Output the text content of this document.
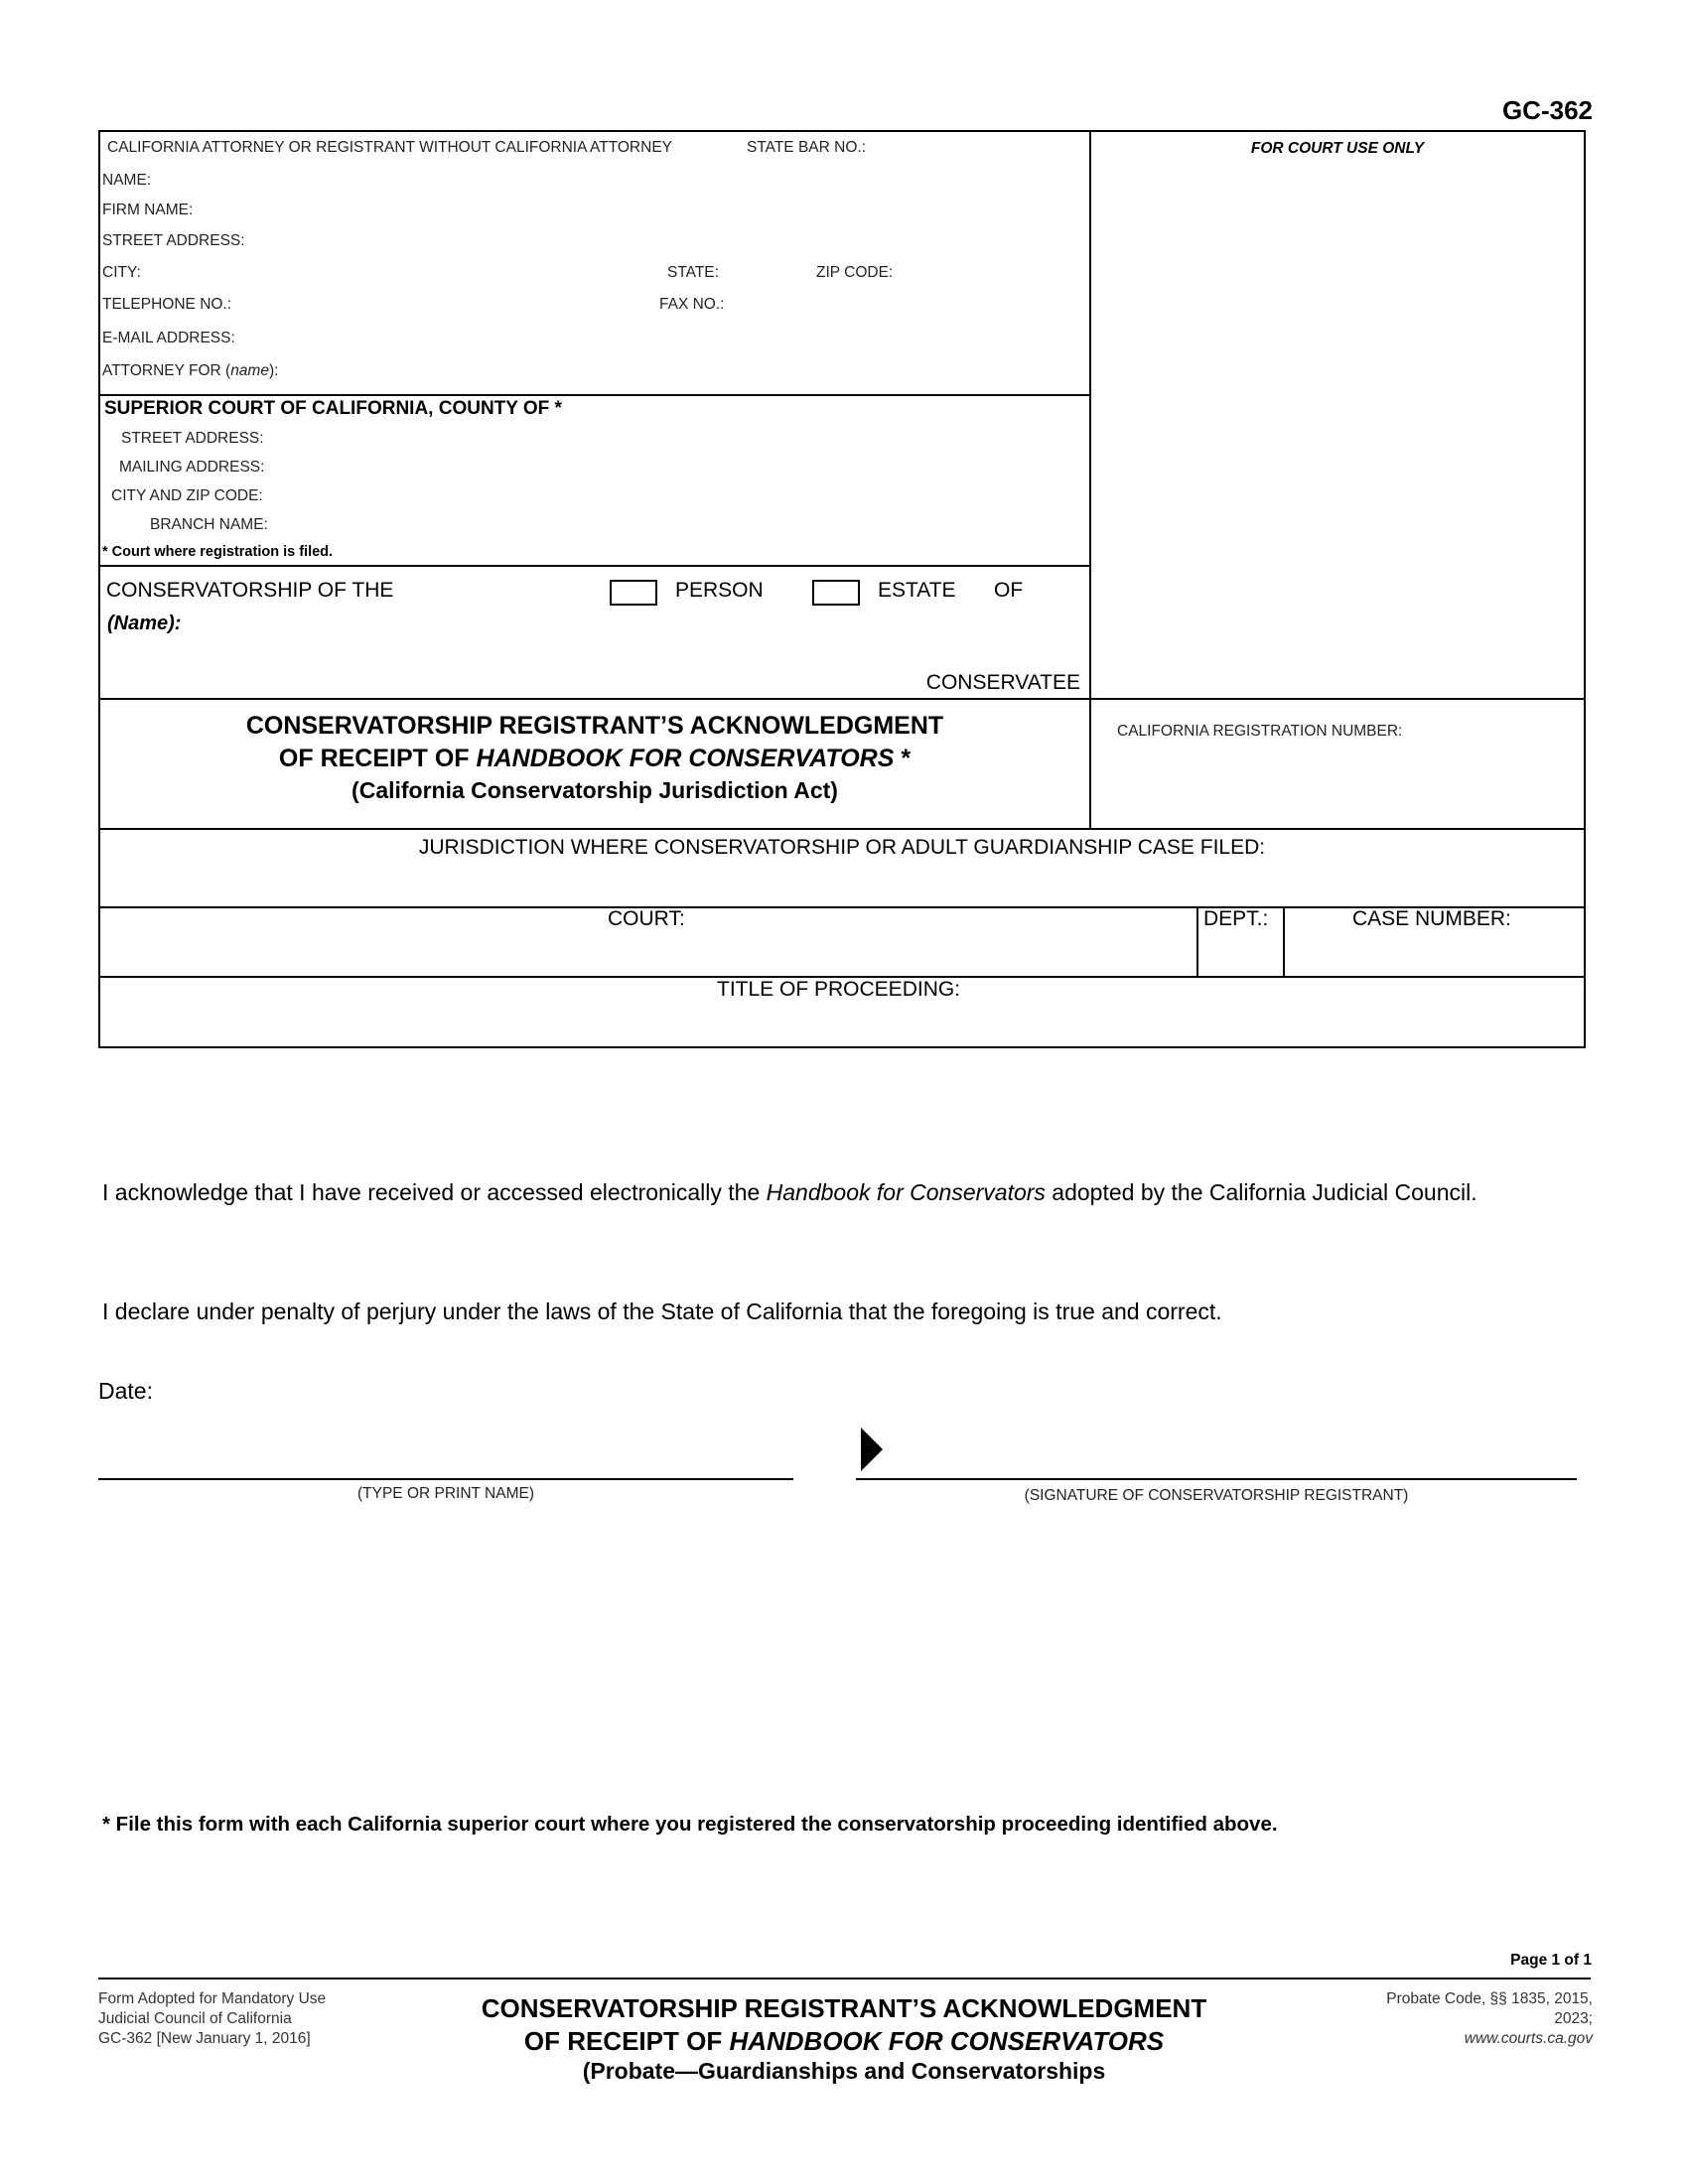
GC-362
CALIFORNIA ATTORNEY OR REGISTRANT WITHOUT CALIFORNIA ATTORNEY	STATE BAR NO.:
NAME:
FIRM NAME:
STREET ADDRESS:
CITY:	STATE:	ZIP CODE:
TELEPHONE NO.:	FAX NO.:
E-MAIL ADDRESS:
ATTORNEY FOR (name):
FOR COURT USE ONLY
SUPERIOR COURT OF CALIFORNIA, COUNTY OF *
STREET ADDRESS:
MAILING ADDRESS:
CITY AND ZIP CODE:
BRANCH NAME:
* Court where registration is filed.
CONSERVATORSHIP OF THE	PERSON	ESTATE OF
(Name):
CONSERVATEE
CONSERVATORSHIP REGISTRANT’S ACKNOWLEDGMENT
OF RECEIPT OF HANDBOOK FOR CONSERVATORS *
(California Conservatorship Jurisdiction Act)
CALIFORNIA REGISTRATION NUMBER:
JURISDICTION WHERE CONSERVATORSHIP OR ADULT GUARDIANSHIP CASE FILED:
COURT:	DEPT.:	CASE NUMBER:
TITLE OF PROCEEDING:
I acknowledge that I have received or accessed electronically the Handbook for Conservators adopted by the California Judicial Council.
I declare under penalty of perjury under the laws of the State of California that the foregoing is true and correct.
Date:
(TYPE OR PRINT NAME)	(SIGNATURE OF CONSERVATORSHIP REGISTRANT)
* File this form with each California superior court where you registered the conservatorship proceeding identified above.
Page 1 of 1
Form Adopted for Mandatory Use
Judicial Council of California
GC-362 [New January 1, 2016]
CONSERVATORSHIP REGISTRANT’S ACKNOWLEDGMENT
OF RECEIPT OF HANDBOOK FOR CONSERVATORS
(Probate—Guardianships and Conservatorships
Probate Code, §§ 1835, 2015,
2023;
www.courts.ca.gov
